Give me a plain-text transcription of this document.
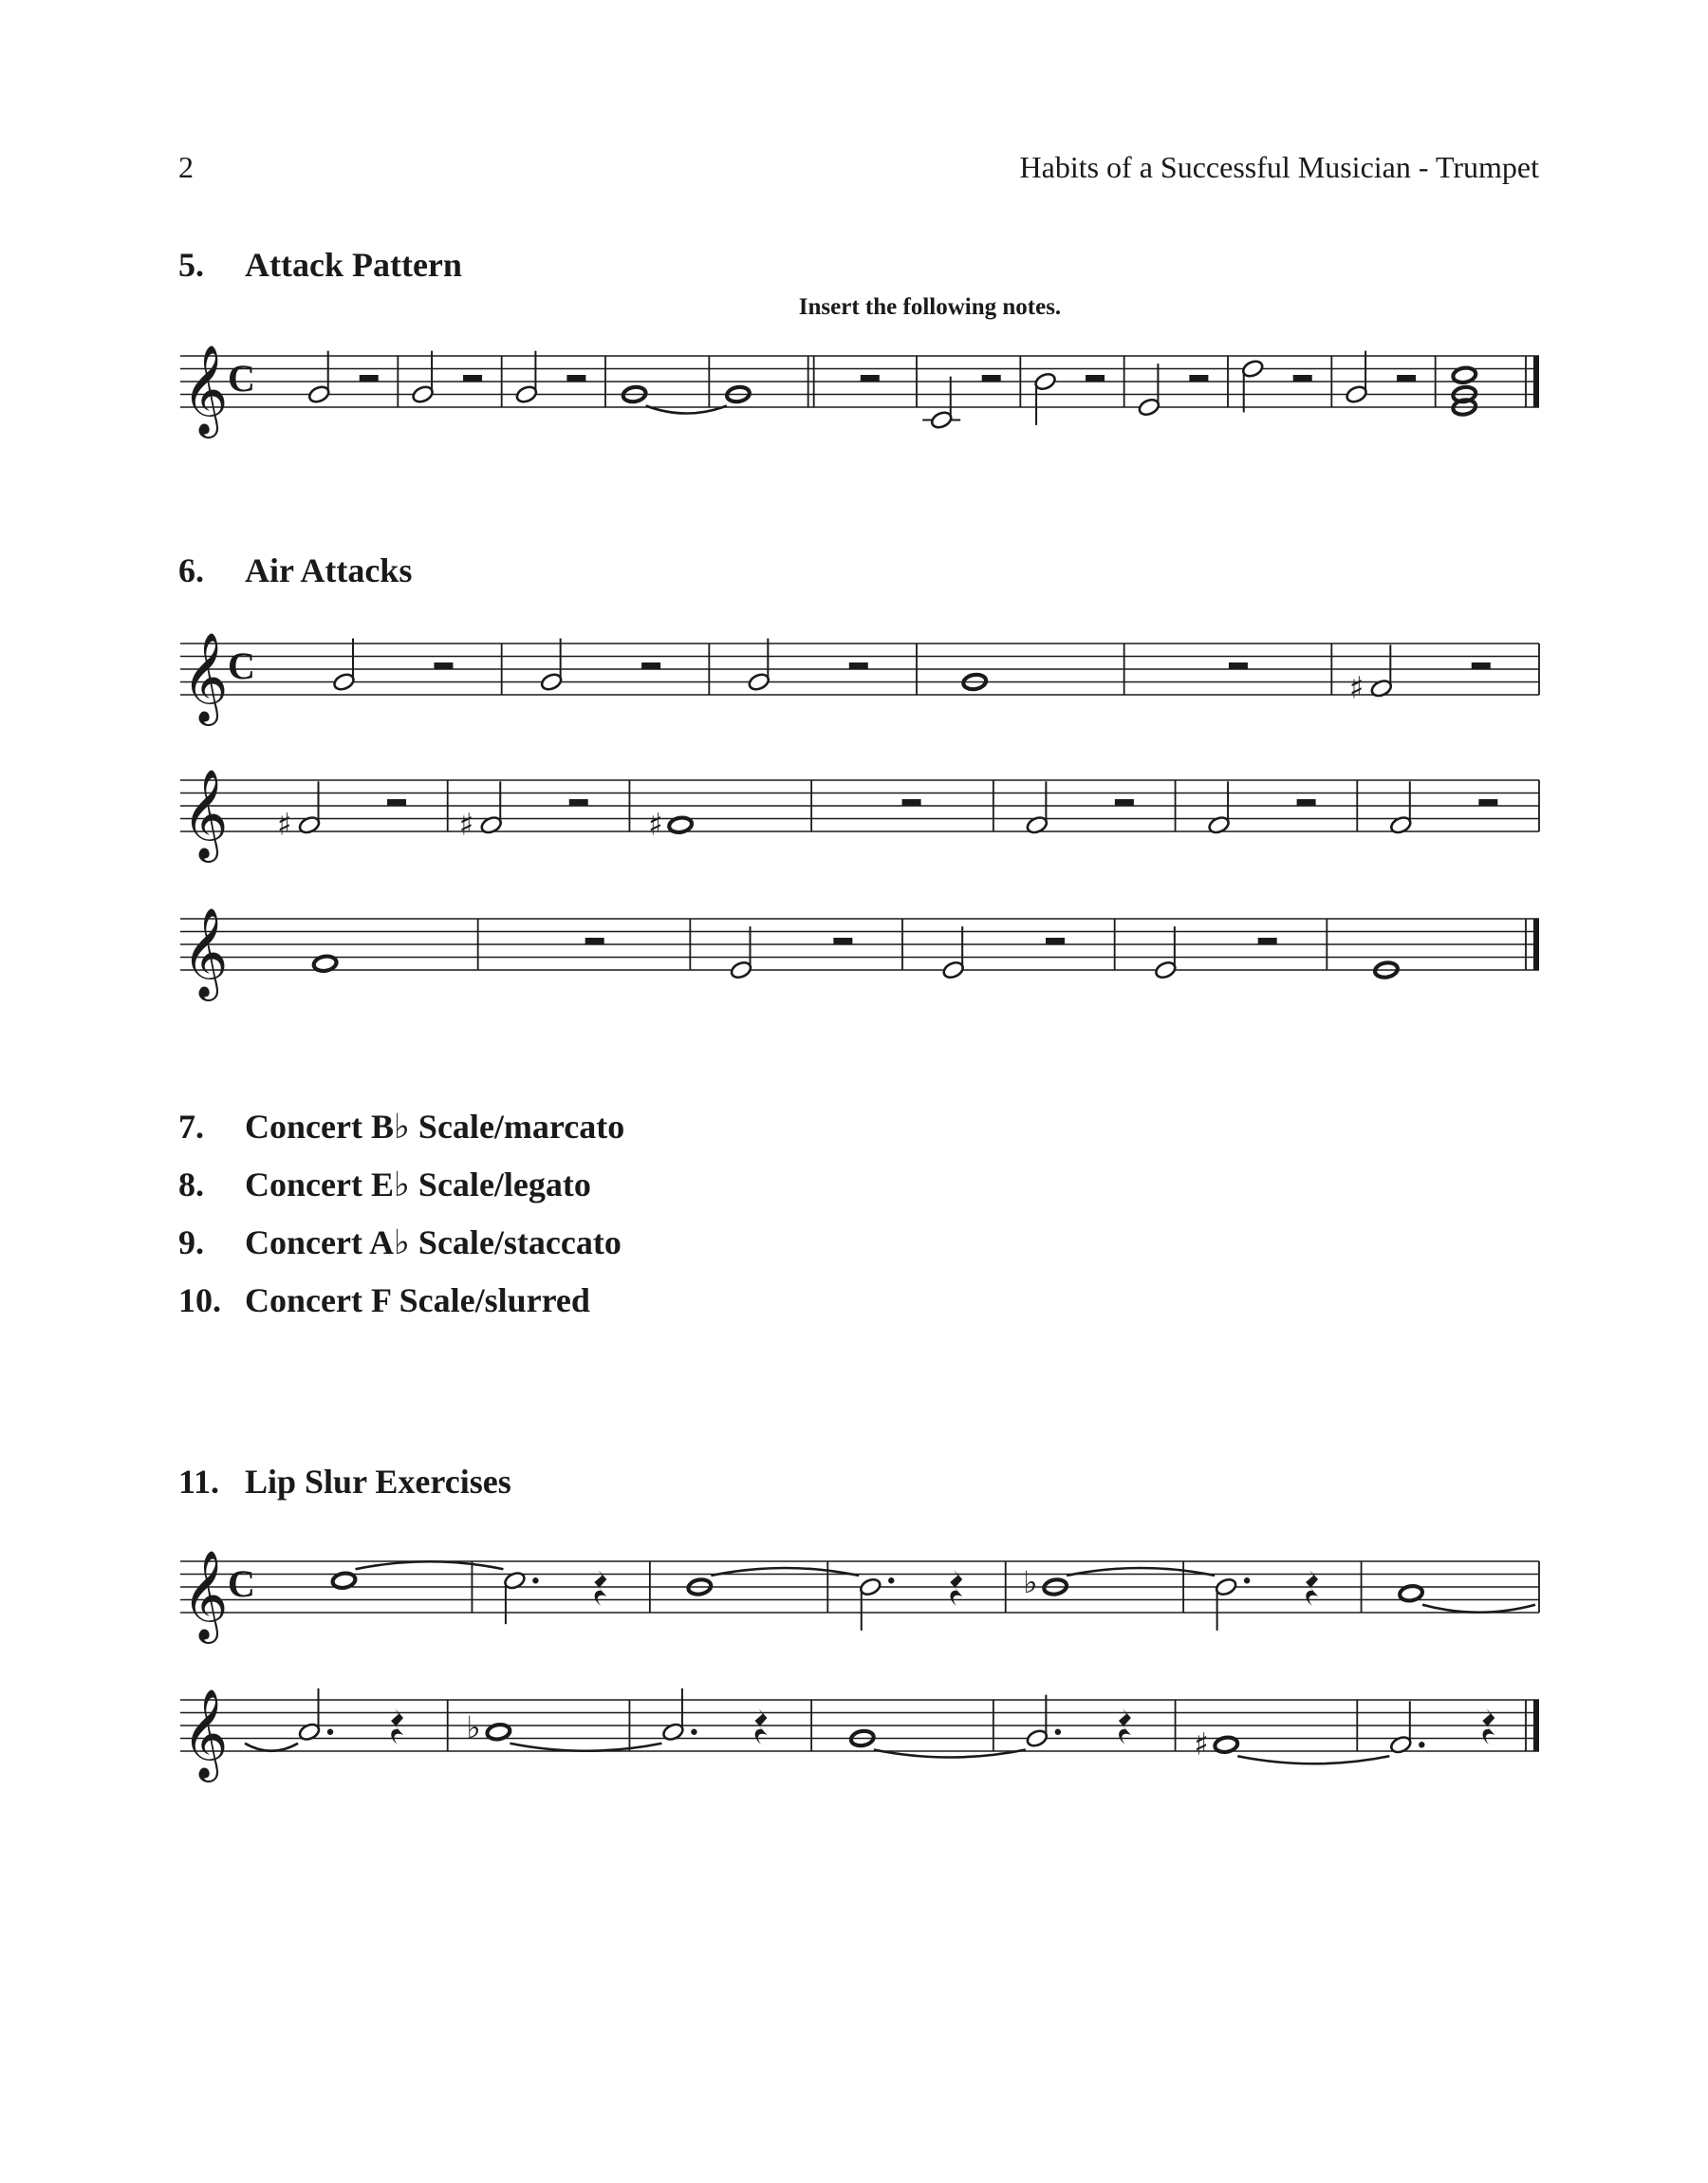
2	Habits of a Successful Musician - Trumpet
5. Attack Pattern
Insert the following notes.
6. Air Attacks
7. Concert B♭ Scale/marcato
8. Concert E♭ Scale/legato
9. Concert A♭ Scale/staccato
10. Concert F Scale/slurred
11. Lip Slur Exercises
𝄞 C
𝄞 C
♯
𝄞 ♯	♯	♯
𝄞
𝄞 C	♭
𝄞	♭	♯
